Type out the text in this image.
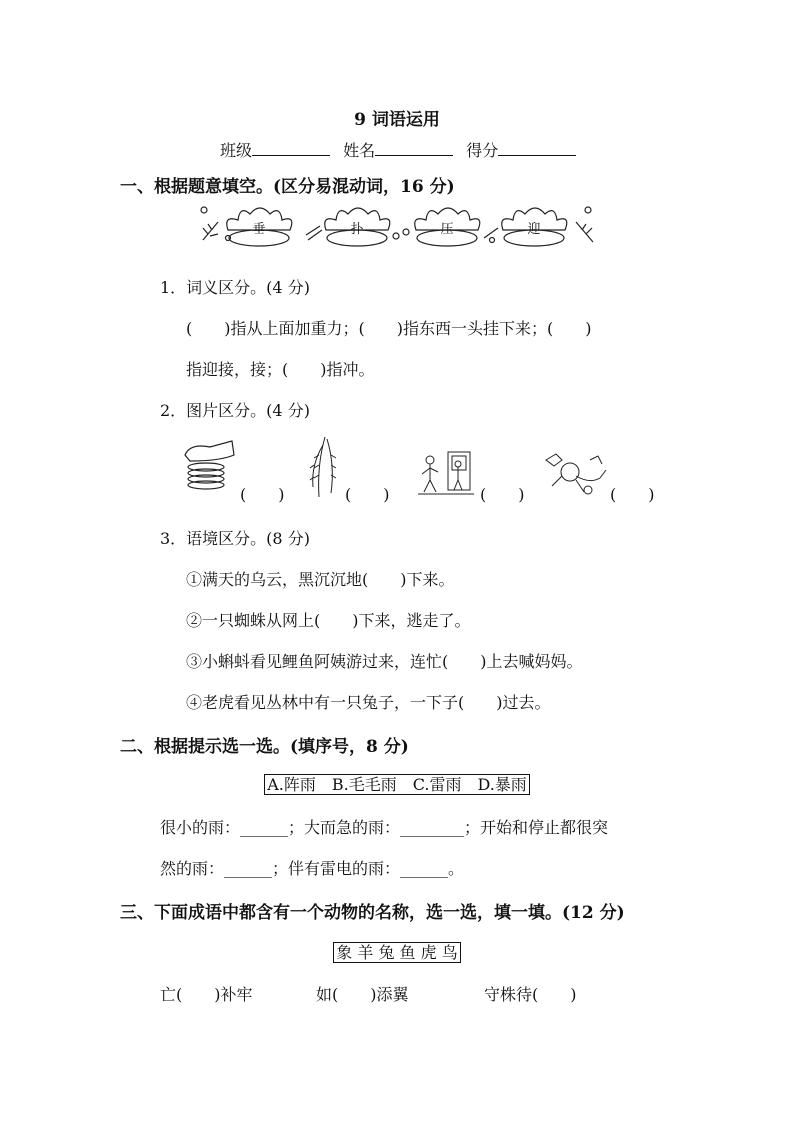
9 词语运用
班级	姓名	得分
一、根据题意填空。(区分易混动词，16 分)
垂	扑	压	迎
1．词义区分。(4 分)
(　　)指从上面加重力；(　　)指东西一头挂下来；(　　)
指迎接，接；(　　)指冲。
2．图片区分。(4 分)
(　　)	(　　)	(　　)	(　　)
3．语境区分。(8 分)
①满天的乌云，黑沉沉地(　　)下来。
②一只蜘蛛从网上(　　)下来，逃走了。
③小蝌蚪看见鲤鱼阿姨游过来，连忙(　　)上去喊妈妈。
④老虎看见丛林中有一只兔子，一下子(　　)过去。
二、根据提示选一选。(填序号，8 分)
A.阵雨　B.毛毛雨　C.雷雨　D.暴雨
很小的雨：______；大而急的雨：________；开始和停止都很突
然的雨：______；伴有雷电的雨：______。
三、下面成语中都含有一个动物的名称，选一选，填一填。(12 分)
象 羊 兔 鱼 虎 鸟
亡(　　)补牢	如(　　)添翼	守株待(　　)
